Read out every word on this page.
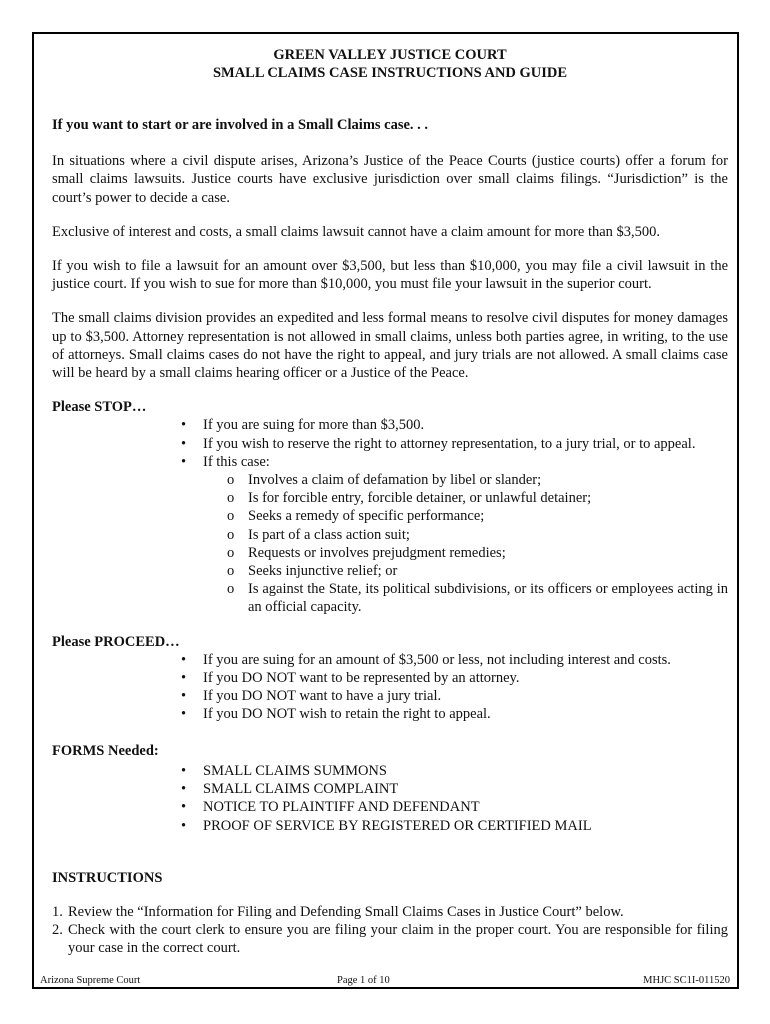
GREEN VALLEY JUSTICE COURT
SMALL CLAIMS CASE INSTRUCTIONS AND GUIDE
If you want to start or are involved in a Small Claims case. . .

In situations where a civil dispute arises, Arizona’s Justice of the Peace Courts (justice courts) offer a forum for small claims lawsuits. Justice courts have exclusive jurisdiction over small claims filings. “Jurisdiction” is the court’s power to decide a case.

Exclusive of interest and costs, a small claims lawsuit cannot have a claim amount for more than $3,500.

If you wish to file a lawsuit for an amount over $3,500, but less than $10,000, you may file a civil lawsuit in the justice court. If you wish to sue for more than $10,000, you must file your lawsuit in the superior court.

The small claims division provides an expedited and less formal means to resolve civil disputes for money damages up to $3,500. Attorney representation is not allowed in small claims, unless both parties agree, in writing, to the use of attorneys. Small claims cases do not have the right to appeal, and jury trials are not allowed. A small claims case will be heard by a small claims hearing officer or a Justice of the Peace.

Please STOP…
• If you are suing for more than $3,500.
• If you wish to reserve the right to attorney representation, to a jury trial, or to appeal.
• If this case:
o Involves a claim of defamation by libel or slander;
o Is for forcible entry, forcible detainer, or unlawful detainer;
o Seeks a remedy of specific performance;
o Is part of a class action suit;
o Requests or involves prejudgment remedies;
o Seeks injunctive relief; or
o Is against the State, its political subdivisions, or its officers or employees acting in an official capacity.
Please PROCEED…
• If you are suing for an amount of $3,500 or less, not including interest and costs.
• If you DO NOT want to be represented by an attorney.
• If you DO NOT want to have a jury trial.
• If you DO NOT wish to retain the right to appeal.
FORMS Needed:
• SMALL CLAIMS SUMMONS
• SMALL CLAIMS COMPLAINT
• NOTICE TO PLAINTIFF AND DEFENDANT
• PROOF OF SERVICE BY REGISTERED OR CERTIFIED MAIL
INSTRUCTIONS
1. Review the “Information for Filing and Defending Small Claims Cases in Justice Court” below.
2. Check with the court clerk to ensure you are filing your claim in the proper court. You are responsible for filing your case in the correct court.
Arizona Supreme Court	Page 1 of 10	MHJC SC1I-011520
